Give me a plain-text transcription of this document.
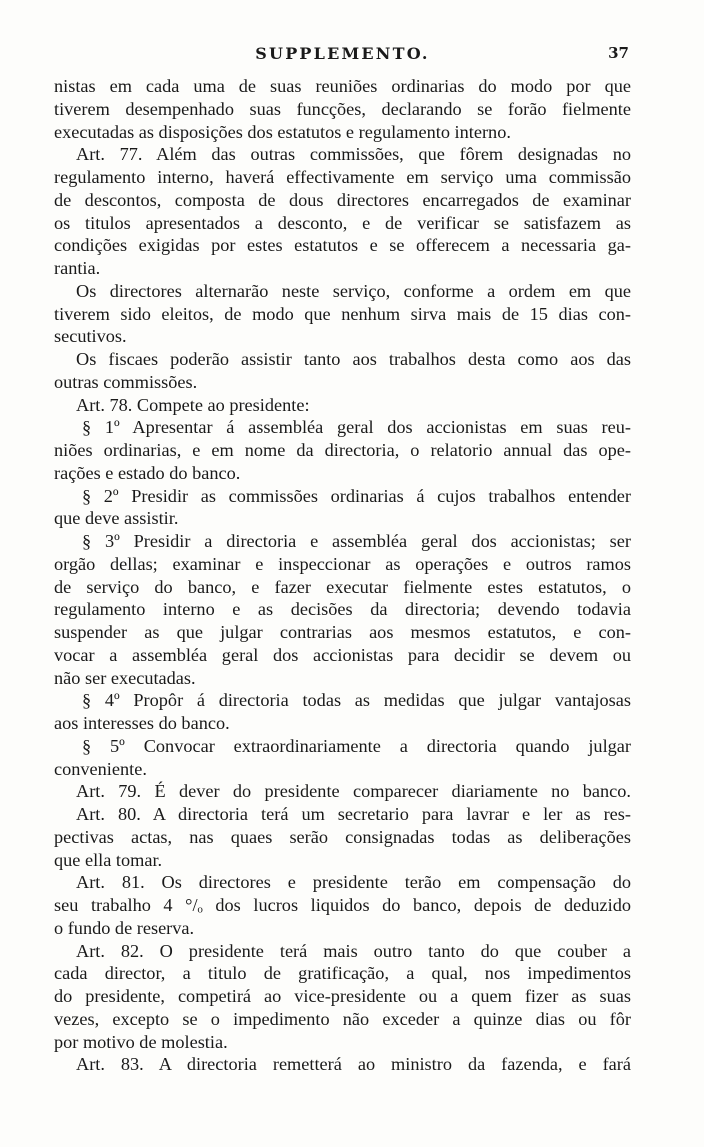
SUPPLEMENTO.	37
nistas em cada uma de suas reuniões ordinarias do modo por que
tiverem desempenhado suas funcções, declarando se forão fielmente
executadas as disposições dos estatutos e regulamento interno.
Art. 77. Além das outras commissões, que fôrem designadas no
regulamento interno, haverá effectivamente em serviço uma commissão
de descontos, composta de dous directores encarregados de examinar
os titulos apresentados a desconto, e de verificar se satisfazem as
condições exigidas por estes estatutos e se offerecem a necessaria ga-
rantia.
Os directores alternarão neste serviço, conforme a ordem em que
tiverem sido eleitos, de modo que nenhum sirva mais de 15 dias con-
secutivos.
Os fiscaes poderão assistir tanto aos trabalhos desta como aos das
outras commissões.
Art. 78. Compete ao presidente:
§ 1º Apresentar á assembléa geral dos accionistas em suas reu-
niões ordinarias, e em nome da directoria, o relatorio annual das ope-
rações e estado do banco.
§ 2º Presidir as commissões ordinarias á cujos trabalhos entender
que deve assistir.
§ 3º Presidir a directoria e assembléa geral dos accionistas; ser
orgão dellas; examinar e inspeccionar as operações e outros ramos
de serviço do banco, e fazer executar fielmente estes estatutos, o
regulamento interno e as decisões da directoria; devendo todavia
suspender as que julgar contrarias aos mesmos estatutos, e con-
vocar a assembléa geral dos accionistas para decidir se devem ou
não ser executadas.
§ 4º Propôr á directoria todas as medidas que julgar vantajosas
aos interesses do banco.
§ 5º Convocar extraordinariamente a directoria quando julgar
conveniente.
Art. 79. É dever do presidente comparecer diariamente no banco.
Art. 80. A directoria terá um secretario para lavrar e ler as res-
pectivas actas, nas quaes serão consignadas todas as deliberações
que ella tomar.
Art. 81. Os directores e presidente terão em compensação do
seu trabalho 4 °/ₒ dos lucros liquidos do banco, depois de deduzido
o fundo de reserva.
Art. 82. O presidente terá mais outro tanto do que couber a
cada director, a titulo de gratificação, a qual, nos impedimentos
do presidente, competirá ao vice-presidente ou a quem fizer as suas
vezes, excepto se o impedimento não exceder a quinze dias ou fôr
por motivo de molestia.
Art. 83. A directoria remetterá ao ministro da fazenda, e fará
